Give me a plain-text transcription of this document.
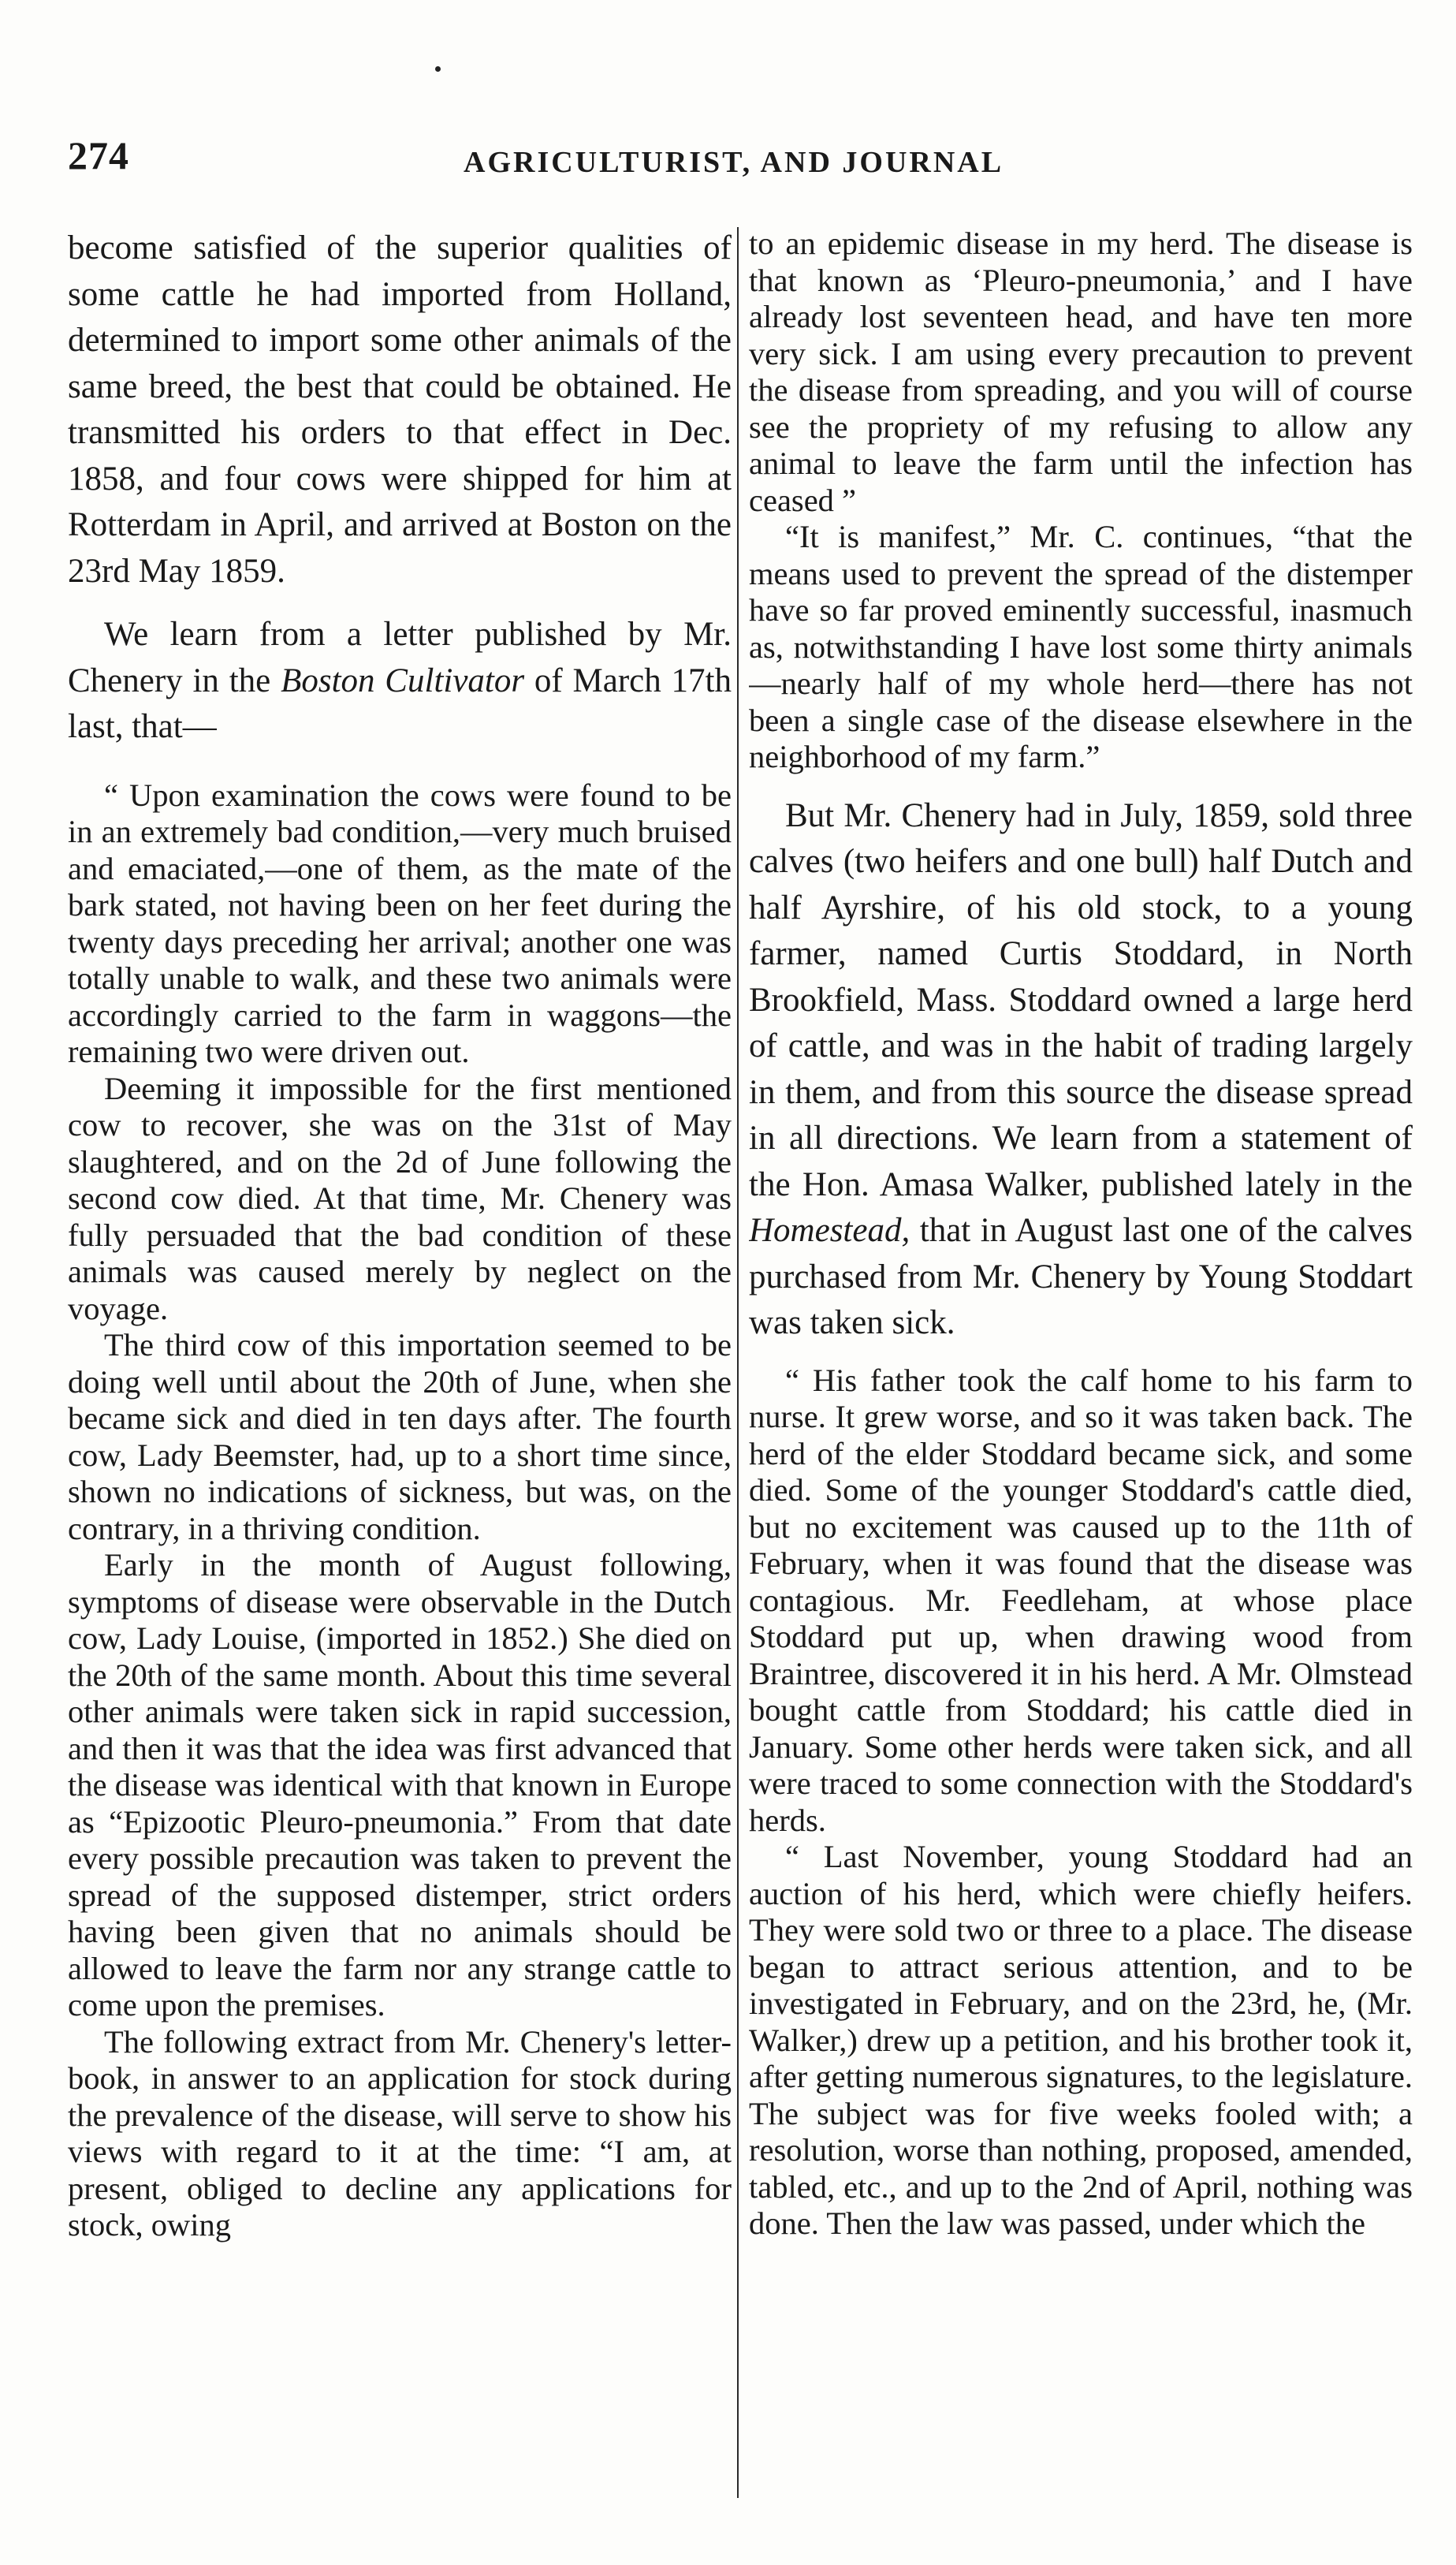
274	AGRICULTURIST, AND JOURNAL

become satisfied of the superior qualities of some cattle he had imported from Holland, determined to import some other animals of the same breed, the best that could be obtained. He transmitted his orders to that effect in Dec. 1858, and four cows were shipped for him at Rotterdam in April, and arrived at Boston on the 23rd May 1859.

We learn from a letter published by Mr. Chenery in the Boston Cultivator of March 17th last, that—

“ Upon examination the cows were found to be in an extremely bad condition,—very much bruised and emaciated,—one of them, as the mate of the bark stated, not having been on her feet during the twenty days preceding her arrival; another one was totally unable to walk, and these two animals were accordingly carried to the farm in waggons—the remaining two were driven out.

Deeming it impossible for the first mentioned cow to recover, she was on the 31st of May slaughtered, and on the 2d of June following the second cow died. At that time, Mr. Chenery was fully persuaded that the bad condition of these animals was caused merely by neglect on the voyage.

The third cow of this importation seemed to be doing well until about the 20th of June, when she became sick and died in ten days after. The fourth cow, Lady Beemster, had, up to a short time since, shown no indications of sickness, but was, on the contrary, in a thriving condition.

Early in the month of August following, symptoms of disease were observable in the Dutch cow, Lady Louise, (imported in 1852.) She died on the 20th of the same month. About this time several other animals were taken sick in rapid succession, and then it was that the idea was first advanced that the disease was identical with that known in Europe as “Epizootic Pleuro-pneumonia.” From that date every possible precaution was taken to prevent the spread of the supposed distemper, strict orders having been given that no animals should be allowed to leave the farm nor any strange cattle to come upon the premises.

The following extract from Mr. Chenery's letter-book, in answer to an application for stock during the prevalence of the disease, will serve to show his views with regard to it at the time: “I am, at present, obliged to decline any applications for stock, owing

to an epidemic disease in my herd. The disease is that known as ‘Pleuro-pneumonia,’ and I have already lost seventeen head, and have ten more very sick. I am using every precaution to prevent the disease from spreading, and you will of course see the propriety of my refusing to allow any animal to leave the farm until the infection has ceased ”

“It is manifest,” Mr. C. continues, “that the means used to prevent the spread of the distemper have so far proved eminently successful, inasmuch as, notwithstanding I have lost some thirty animals—nearly half of my whole herd—there has not been a single case of the disease elsewhere in the neighborhood of my farm.”

But Mr. Chenery had in July, 1859, sold three calves (two heifers and one bull) half Dutch and half Ayrshire, of his old stock, to a young farmer, named Curtis Stoddard, in North Brookfield, Mass. Stoddard owned a large herd of cattle, and was in the habit of trading largely in them, and from this source the disease spread in all directions. We learn from a statement of the Hon. Amasa Walker, published lately in the Homestead, that in August last one of the calves purchased from Mr. Chenery by Young Stoddart was taken sick.

“ His father took the calf home to his farm to nurse. It grew worse, and so it was taken back. The herd of the elder Stoddard became sick, and some died. Some of the younger Stoddard's cattle died, but no excitement was caused up to the 11th of February, when it was found that the disease was contagious. Mr. Feedleham, at whose place Stoddard put up, when drawing wood from Braintree, discovered it in his herd. A Mr. Olmstead bought cattle from Stoddard; his cattle died in January. Some other herds were taken sick, and all were traced to some connection with the Stoddard's herds.

“ Last November, young Stoddard had an auction of his herd, which were chiefly heifers. They were sold two or three to a place. The disease began to attract serious attention, and to be investigated in February, and on the 23rd, he, (Mr. Walker,) drew up a petition, and his brother took it, after getting numerous signatures, to the legislature. The subject was for five weeks fooled with; a resolution, worse than nothing, proposed, amended, tabled, etc., and up to the 2nd of April, nothing was done. Then the law was passed, under which the
